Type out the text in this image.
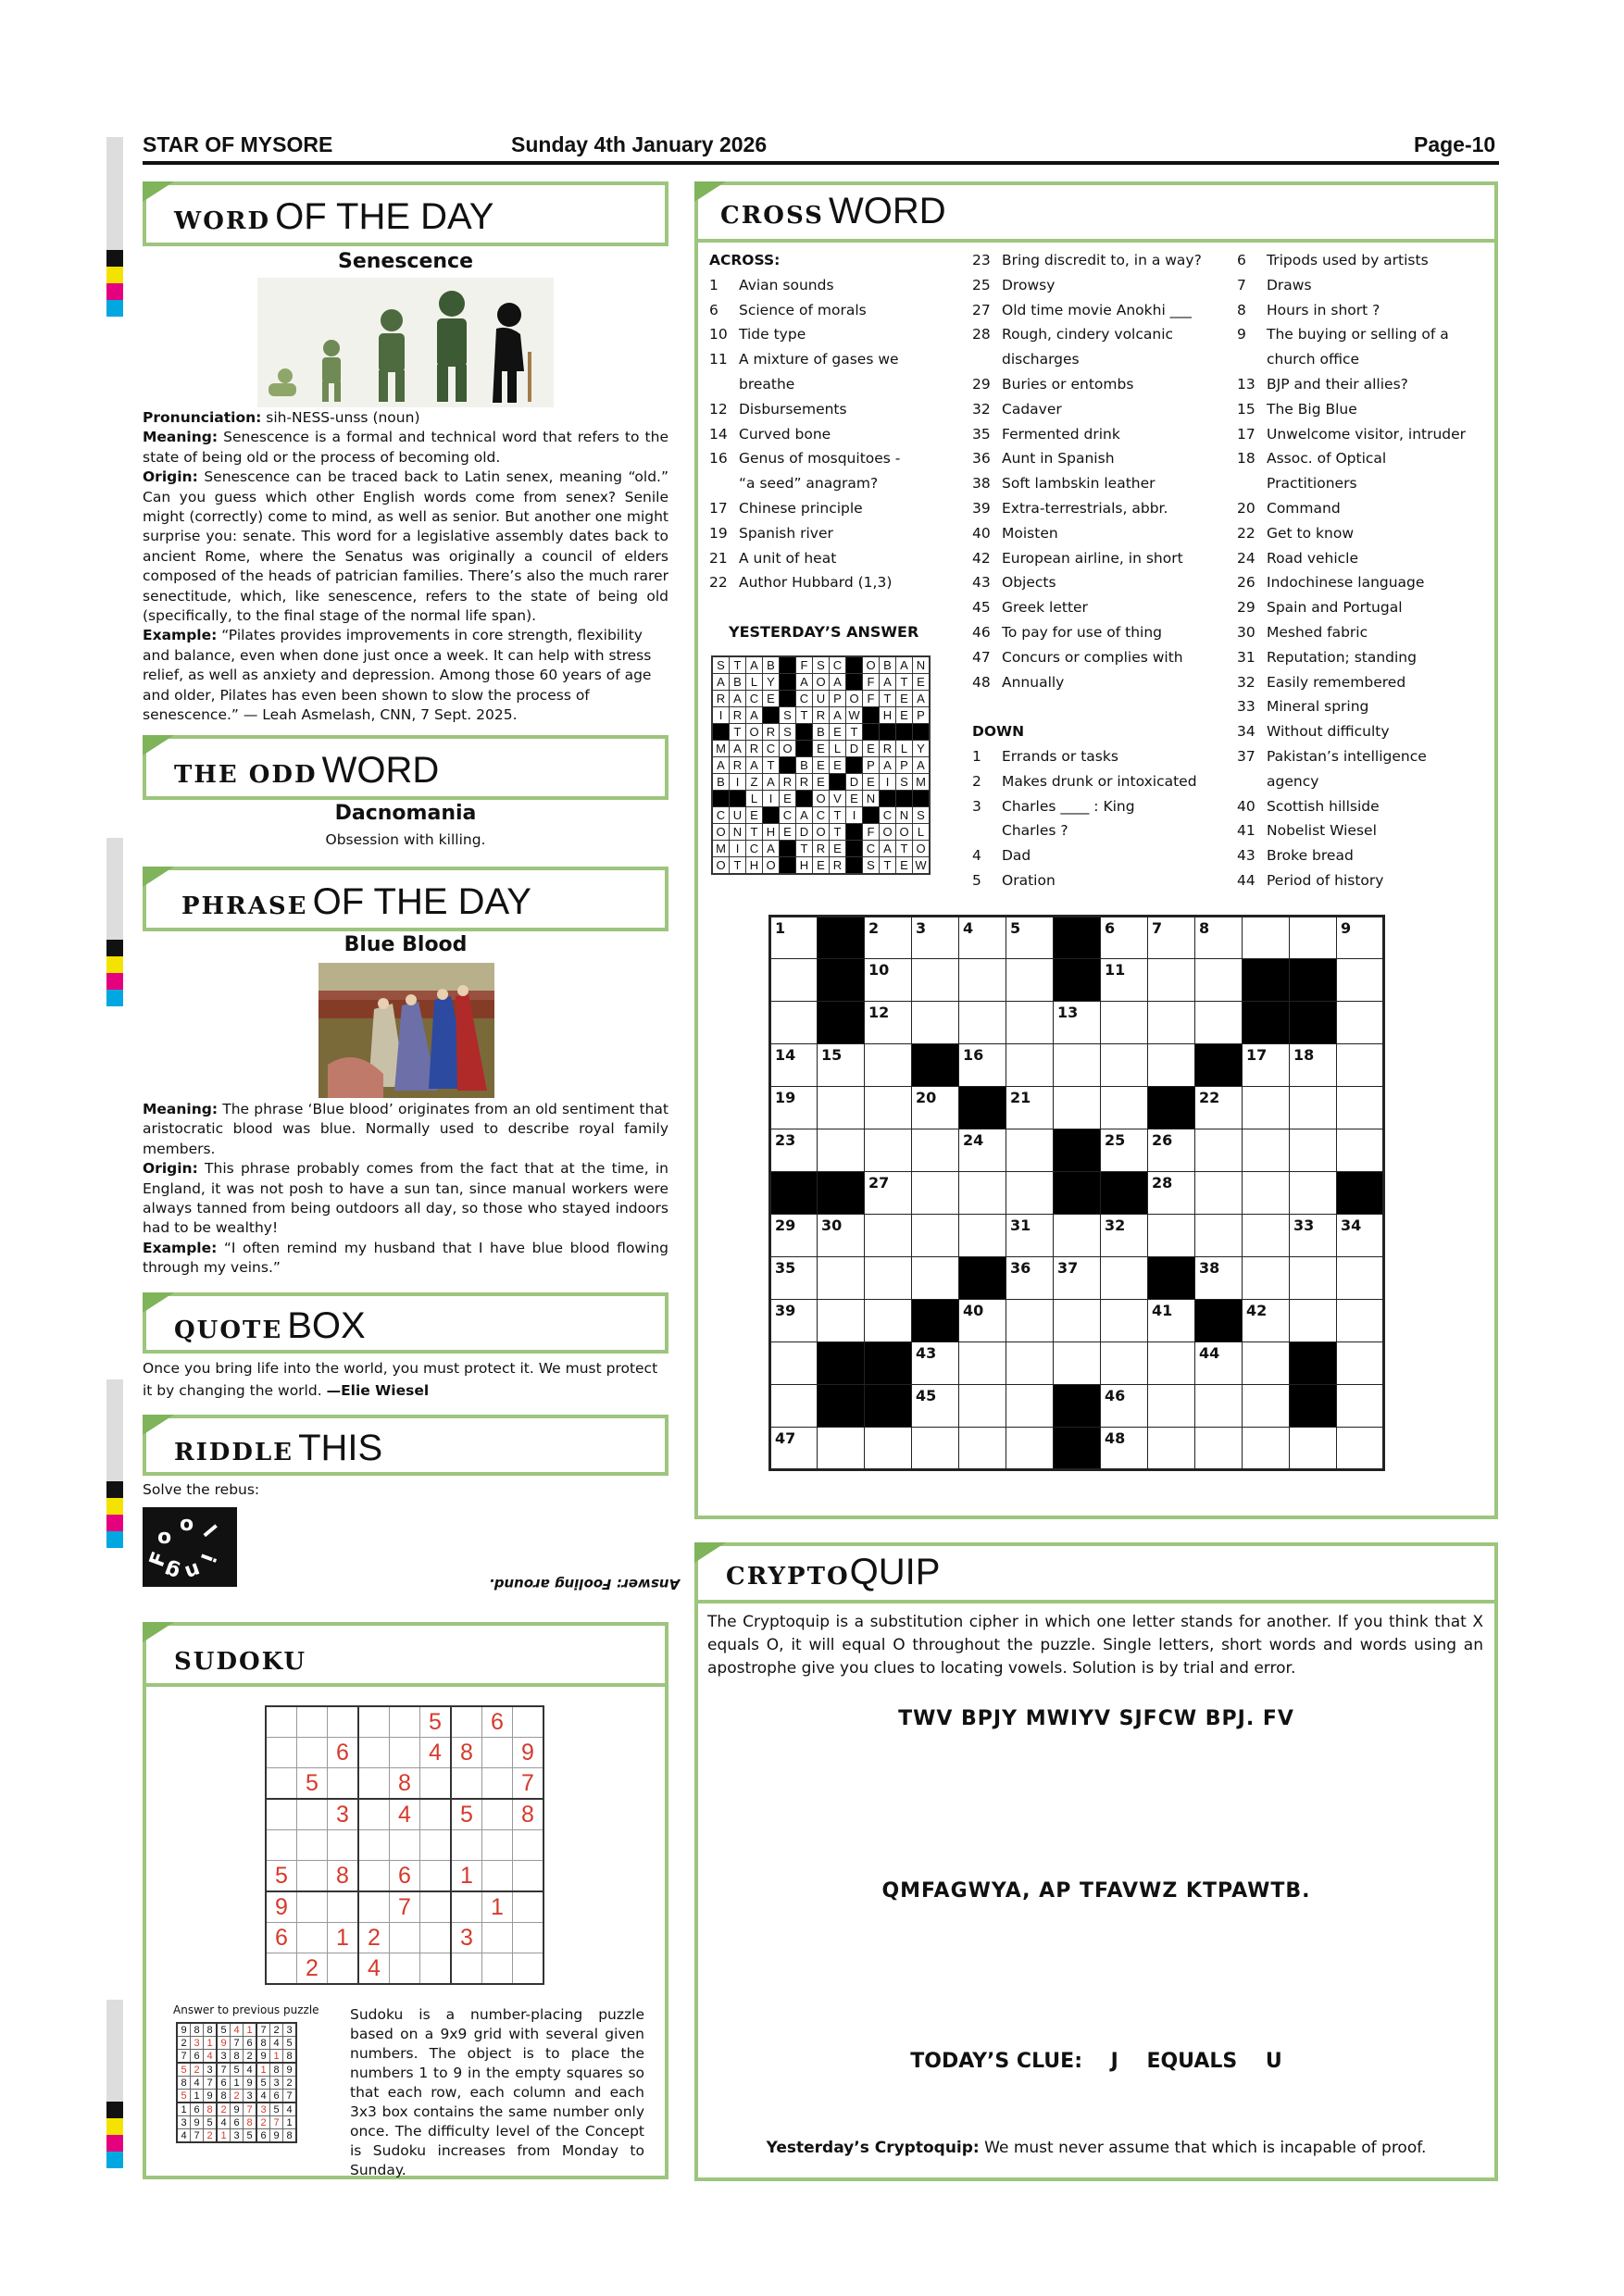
STAR OF MYSORE	Sunday 4th January 2026	Page-10
WORD OF THE DAY
Senescence
Pronunciation: sih-NESS-unss (noun)
Meaning: Senescence is a formal and technical word that refers to the state of being old or the process of becoming old.
Origin: Senescence can be traced back to Latin senex, meaning “old.” Can you guess which other English words come from senex? Senile might (correctly) come to mind, as well as senior. But another one might surprise you: senate. This word for a legislative assembly dates back to ancient Rome, where the Senatus was originally a council of elders composed of the heads of patrician families. There’s also the much rarer senectitude, which, like senescence, refers to the state of being old (specifically, to the final stage of the normal life span).
Example: “Pilates provides improvements in core strength, flexibility and balance, even when done just once a week. It can help with stress relief, as well as anxiety and depression. Among those 60 years of age and older, Pilates has even been shown to slow the process of senescence.” — Leah Asmelash, CNN, 7 Sept. 2025.
THE ODD WORD
Dacnomania
Obsession with killing.
PHRASE OF THE DAY
Blue Blood
Meaning: The phrase ‘Blue blood’ originates from an old sentiment that aristocratic blood was blue. Normally used to describe royal family members.
Origin: This phrase probably comes from the fact that at the time, in England, it was not posh to have a sun tan, since manual workers were always tanned from being outdoors all day, so those who stayed indoors had to be wealthy!
Example: “I often remind my husband that I have blue blood flowing through my veins.”
QUOTE BOX
Once you bring life into the world, you must protect it. We must protect it by changing the world. —Elie Wiesel
RIDDLE THIS
Solve the rebus:
F
o
o l
i
n
g
Answer: Fooling around.
SUDOKU
					5		6	
		6			4	8		9
	5			8				7
		3		4		5		8

5		8		6		1		
9				7			1	
6		1	2			3		
	2		4					
Answer to previous puzzle
9	8	8	5	4	1	7	2	3
2	3	1	9	7	6	8	4	5
7	6	4	3	8	2	9	1	8
5	2	3	7	5	4	1	8	9
8	4	7	6	1	9	5	3	2
5	1	9	8	2	3	4	6	7
1	6	8	2	9	7	3	5	4
3	9	5	4	6	8	2	7	1
4	7	2	1	3	5	6	9	8
Sudoku is a number-placing puzzle based on a 9x9 grid with several given numbers. The object is to place the numbers 1 to 9 in the empty squares so that each row, each column and each 3x3 box contains the same number only once. The difficulty level of the Concept is Sudoku increases from Monday to Sunday.
CROSS WORD
ACROSS:
1	Avian sounds
6	Science of morals
10 Tide type
11 A mixture of gases we
breathe
12 Disbursements
14 Curved bone
16 Genus of mosquitoes -
“a seed” anagram?
17 Chinese principle
19 Spanish river
21 A unit of heat
22 Author Hubbard (1,3)
23 Bring discredit to, in a way?
25 Drowsy
27 Old time movie Anokhi ___
28 Rough, cindery volcanic
discharges
29 Buries or entombs
32 Cadaver
35 Fermented drink
36 Aunt in Spanish
38 Soft lambskin leather
39 Extra-terrestrials, abbr.
40 Moisten
42 European airline, in short
43 Objects
45 Greek letter
46 To pay for use of thing
47 Concurs or complies with
48 Annually
DOWN
1	Errands or tasks
2	Makes drunk or intoxicated
3	Charles ____ : King
Charles ?
4	Dad
5	Oration
6	Tripods used by artists
7	Draws
8	Hours in short ?
9	The buying or selling of a
church office
13 BJP and their allies?
15 The Big Blue
17 Unwelcome visitor, intruder
18 Assoc. of Optical
Practitioners
20 Command
22 Get to know
24 Road vehicle
26 Indochinese language
29 Spain and Portugal
30 Meshed fabric
31 Reputation; standing
32 Easily remembered
33 Mineral spring
34 Without difficulty
37 Pakistan’s intelligence
agency
40 Scottish hillside
41 Nobelist Wiesel
43 Broke bread
44 Period of history
YESTERDAY’S ANSWER
S	T	A	B		F	S	C		O	B	A	N
A	B	L	Y		A	O	A		F	A	T	E
R	A	C	E		C	U	P	O	F	T	E	A
I	R	A		S	T	R	A	W		H	E	P
	T	O	R	S		B	E	T				
M	A	R	C	O		E	L	D	E	R	L	Y
A	R	A	T		B	E	E		P	A	P	A
B	I	Z	A	R	R	E		D	E	I	S	M
		L	I	E		O	V	E	N			
C	U	E		C	A	C	T	I		C	N	S
O	N	T	H	E	D	O	T		F	O	O	L
M	I	C	A		T	R	E		C	A	T	O
O	T	H	O		H	E	R		S	T	E	W
1		2	3	4	5		6	7	8			9

		10					11					

		12				13						

14	15			16						17	18	

19			20		21				22			

23				24			25	26				

		27						28				

29	30				31		32				33	34

35					36	37			38			

39				40				41		42		

			43						44			

			45				46					

47							48					

CRYPTOQUIP
The Cryptoquip is a substitution cipher in which one letter stands for another. If you think that X equals O, it will equal O throughout the puzzle. Single letters, short words and words using an apostrophe give you clues to locating vowels. Solution is by trial and error.
TWV BPJY MWIYV SJFCW BPJ. FV
QMFAGWYA, AP TFAVWZ KTPAWTB.
TODAY’S CLUE:    J    EQUALS    U
Yesterday’s Cryptoquip: We must never assume that which is incapable of proof.
